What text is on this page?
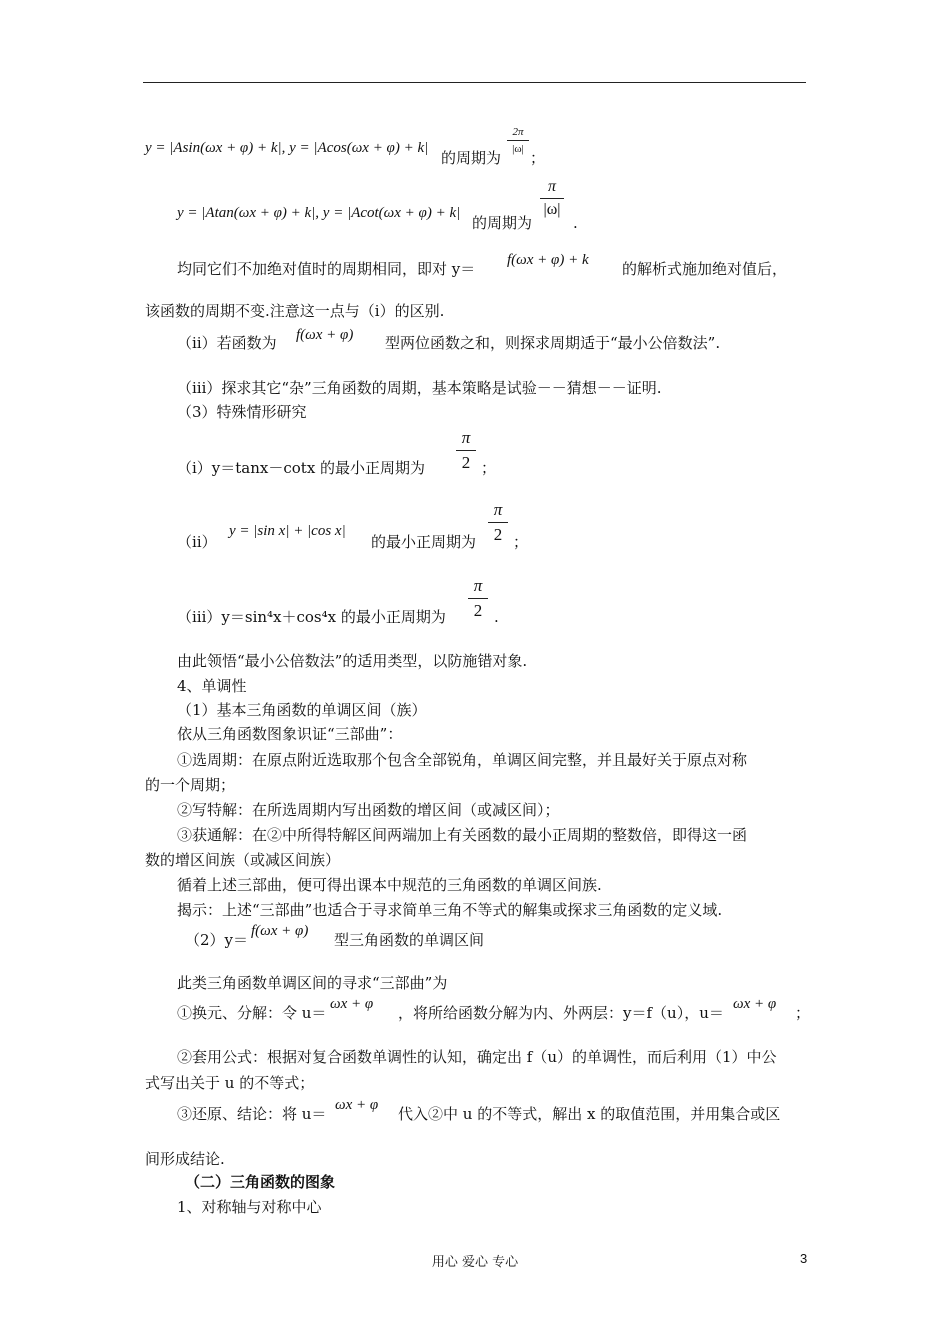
y = |Asin(ωx + φ) + k|, y = |Acos(ωx + φ) + k|
的周期为
2π
|ω| ；
y = |Atan(ωx + φ) + k|, y = |Acot(ωx + φ) + k|
的周期为
π
|ω|
.
均同它们不加绝对值时的周期相同，即对 y＝ f(ωx + φ) + k 的解析式施加绝对值后，
该函数的周期不变.注意这一点与（ⅰ）的区别.
（ⅱ）若函数为 f(ωx + φ) 型两位函数之和，则探求周期适于“最小公倍数法”.
（ⅲ）探求其它“杂”三角函数的周期，基本策略是试验－－猜想－－证明.
（3）特殊情形研究
（ⅰ）y＝tanx－cotx 的最小正周期为
π
2 ；
（ⅱ）
y = |sin x| + |cos x|
的最小正周期为
π
2 ；
（ⅲ）y＝sin⁴x＋cos⁴x 的最小正周期为
π
2 .
由此领悟“最小公倍数法”的适用类型，以防施错对象.
4、单调性
（1）基本三角函数的单调区间（族）
依从三角函数图象识证“三部曲”：
①选周期：在原点附近选取那个包含全部锐角，单调区间完整，并且最好关于原点对称
的一个周期；
②写特解：在所选周期内写出函数的增区间（或减区间）；
③获通解：在②中所得特解区间两端加上有关函数的最小正周期的整数倍，即得这一函
数的增区间族（或减区间族）
循着上述三部曲，便可得出课本中规范的三角函数的单调区间族.
揭示：上述“三部曲”也适合于寻求简单三角不等式的解集或探求三角函数的定义域.
（2）y＝ f(ωx + φ) 型三角函数的单调区间
此类三角函数单调区间的寻求“三部曲”为
①换元、分解：令 u＝ ωx + φ ，将所给函数分解为内、外两层：y＝f（u），u＝ ωx + φ ；
②套用公式：根据对复合函数单调性的认知，确定出 f（u）的单调性，而后利用（1）中公
式写出关于 u 的不等式；
③还原、结论：将 u＝ ωx + φ 代入②中 u 的不等式，解出 x 的取值范围，并用集合或区
间形成结论.
（二）三角函数的图象
1、对称轴与对称中心
用心 爱心 专心	3
